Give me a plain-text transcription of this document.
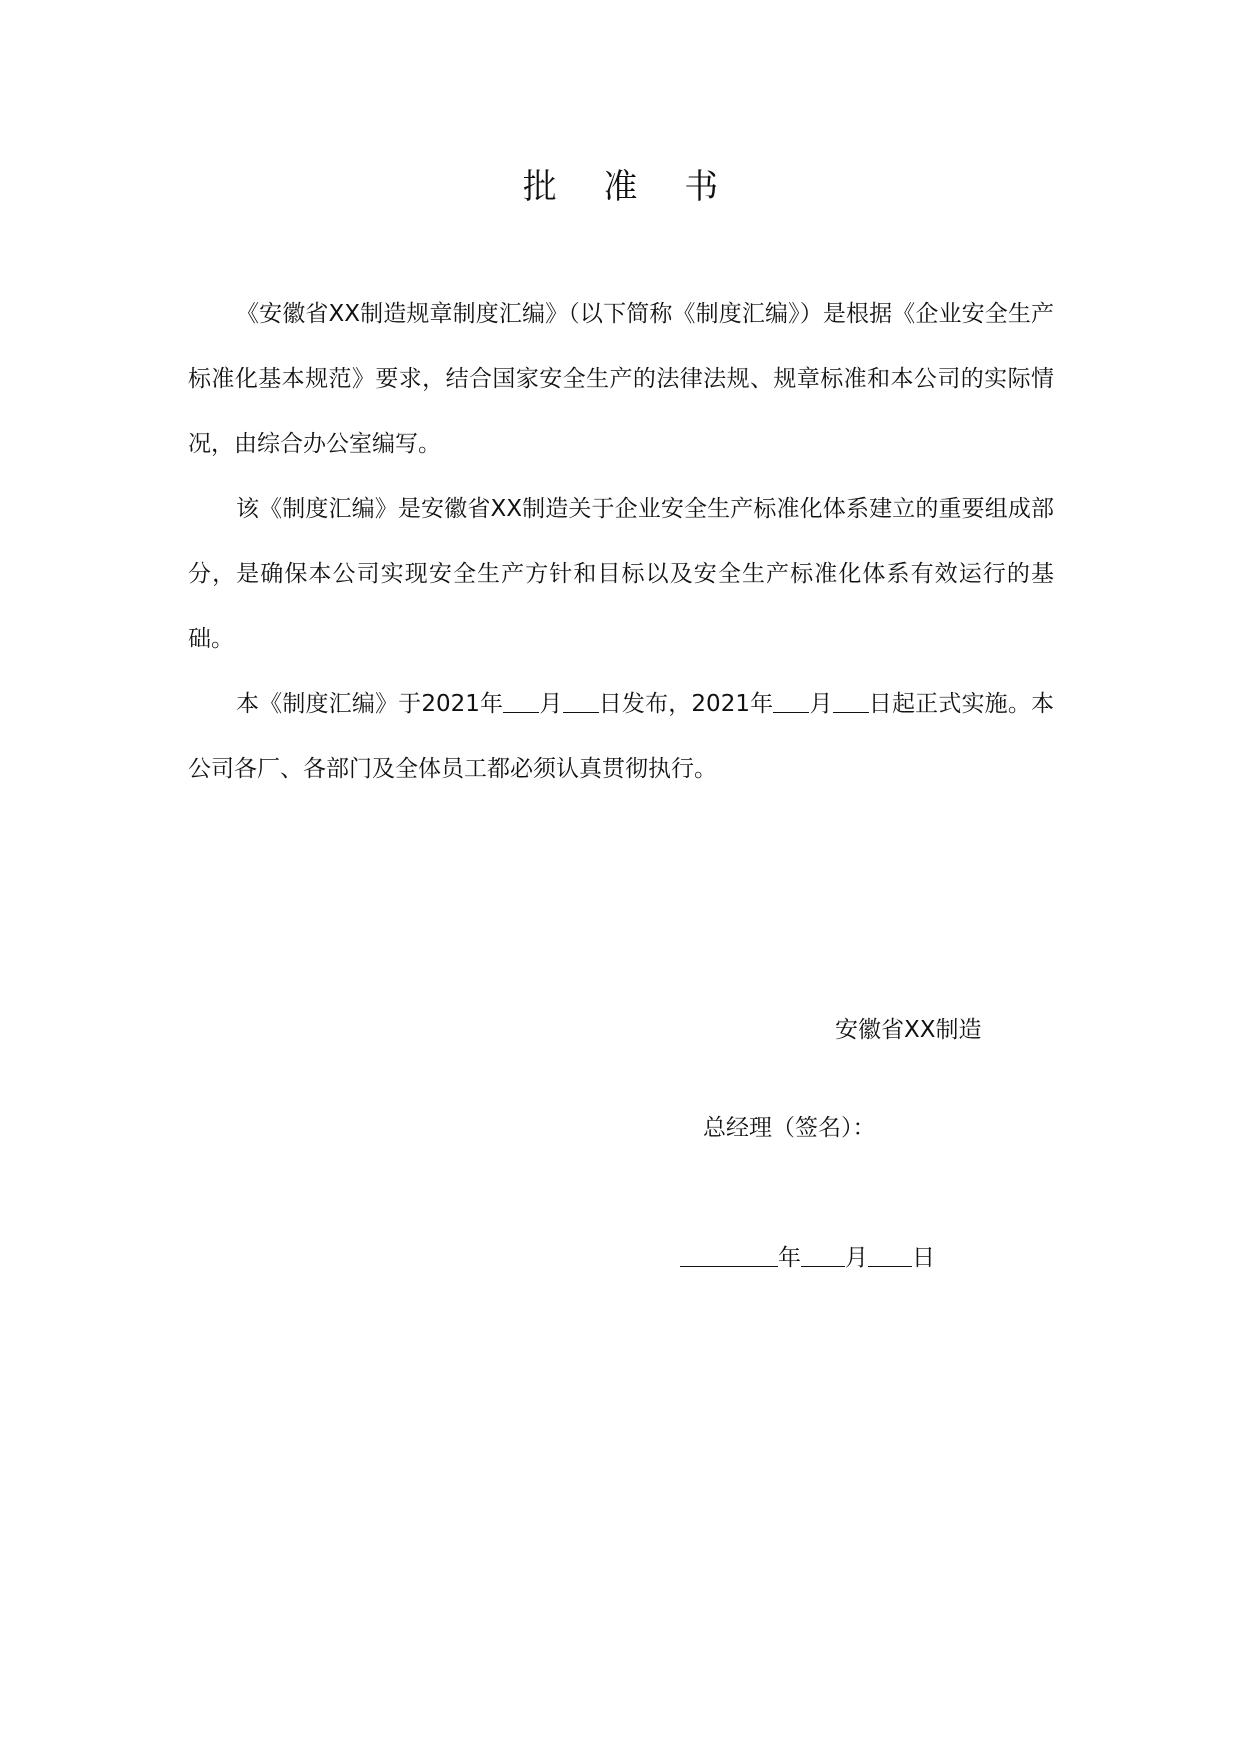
批 准 书

《安徽省XX制造规章制度汇编》（以下简称《制度汇编》）是根据《企业安全生产标准化基本规范》要求，结合国家安全生产的法律法规、规章标准和本公司的实际情况，由综合办公室编写。

该《制度汇编》是安徽省XX制造关于企业安全生产标准化体系建立的重要组成部分，是确保本公司实现安全生产方针和目标以及安全生产标准化体系有效运行的基础。

本《制度汇编》于2021年 月 日发布，2021年 月 日起正式实施。本公司各厂、各部门及全体员工都必须认真贯彻执行。

安徽省XX制造
总经理（签名）：
年 月 日
